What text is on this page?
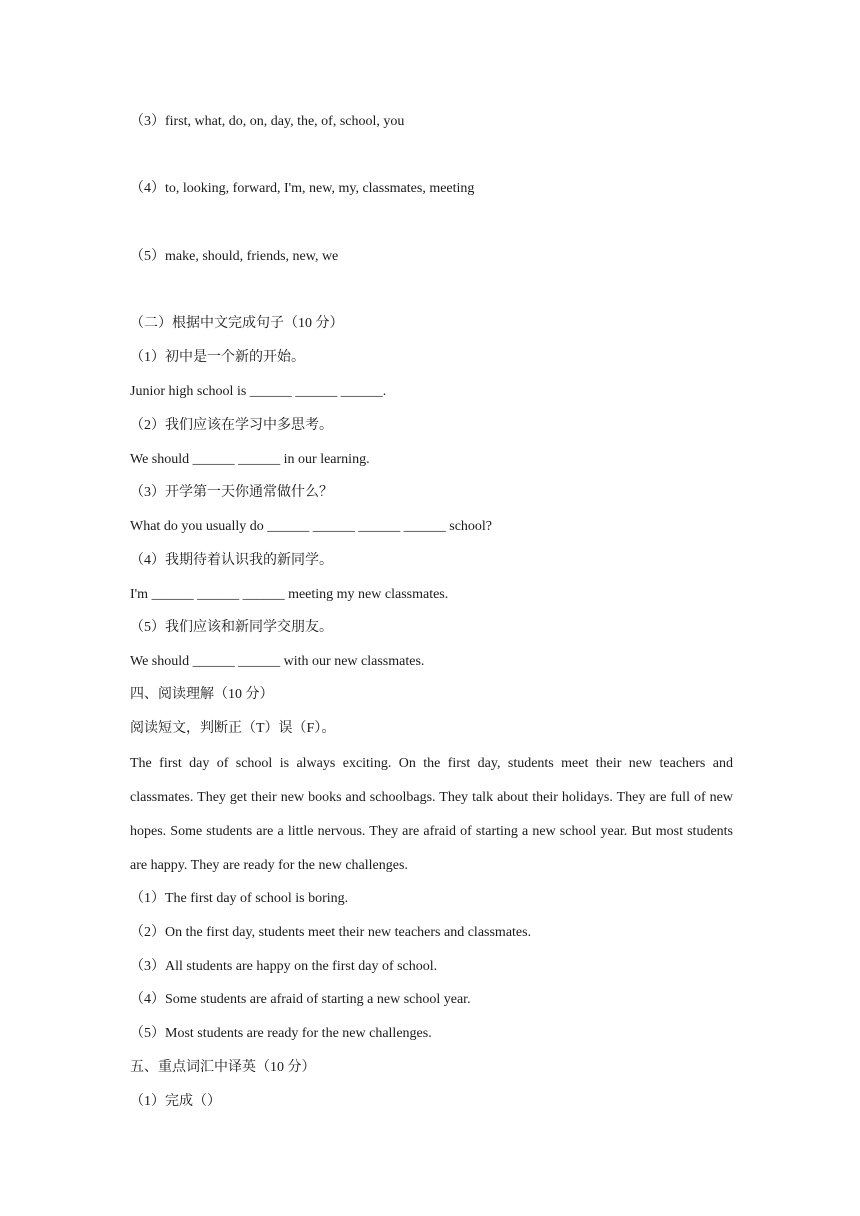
（3）first, what, do, on, day, the, of, school, you
（4）to, looking, forward, I'm, new, my, classmates, meeting
（5）make, should, friends, new, we
（二）根据中文完成句子（10 分）
（1）初中是一个新的开始。
Junior high school is ______ ______ ______.
（2）我们应该在学习中多思考。
We should ______ ______ in our learning.
（3）开学第一天你通常做什么？
What do you usually do ______ ______ ______ ______ school?
（4）我期待着认识我的新同学。
I'm ______ ______ ______ meeting my new classmates.
（5）我们应该和新同学交朋友。
We should ______ ______ with our new classmates.
四、阅读理解（10 分）
阅读短文，判断正（T）误（F）。
The first day of school is always exciting. On the first day, students meet their new teachers and classmates. They get their new books and schoolbags. They talk about their holidays. They are full of new hopes. Some students are a little nervous. They are afraid of starting a new school year. But most students are happy. They are ready for the new challenges.
（1）The first day of school is boring.
（2）On the first day, students meet their new teachers and classmates.
（3）All students are happy on the first day of school.
（4）Some students are afraid of starting a new school year.
（5）Most students are ready for the new challenges.
五、重点词汇中译英（10 分）
（1）完成（）
